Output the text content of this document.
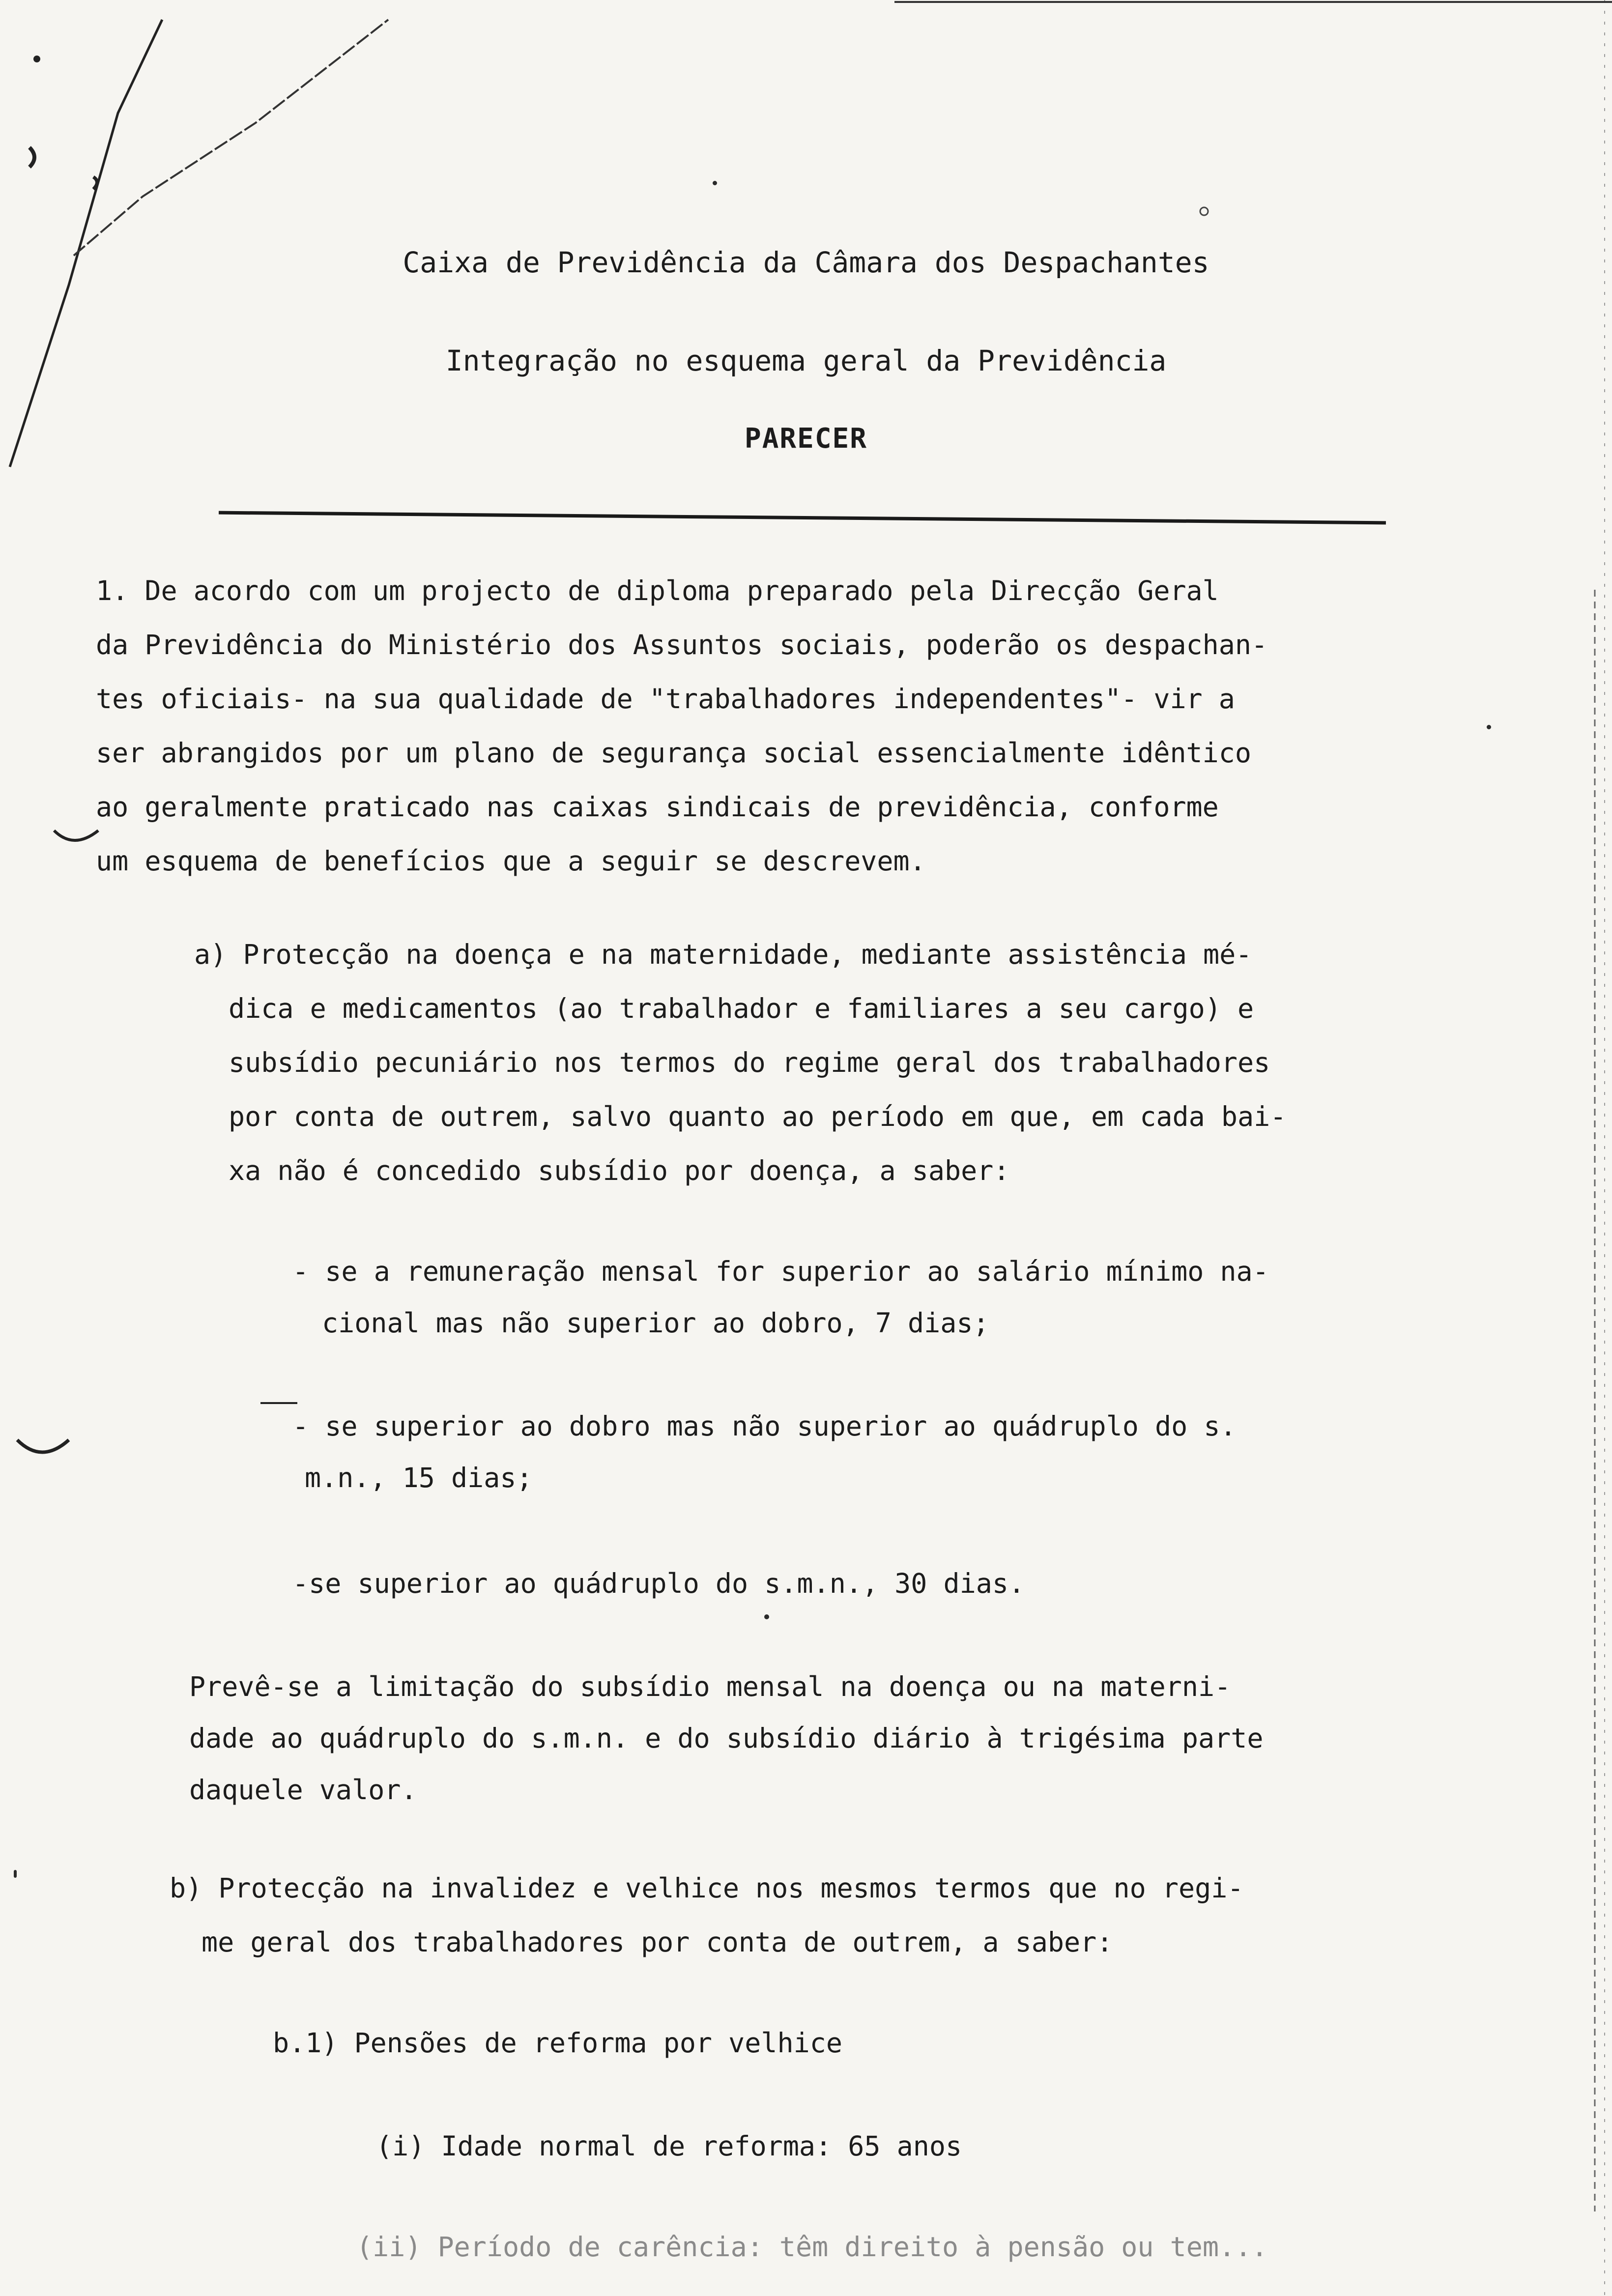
Caixa de Previdência da Câmara dos Despachantes
Integração no esquema geral da Previdência
PARECER
1. De acordo com um projecto de diploma preparado pela Direcção Geral
da Previdência do Ministério dos Assuntos sociais, poderão os despachan-
tes oficiais- na sua qualidade de "trabalhadores independentes"- vir a
ser abrangidos por um plano de segurança social essencialmente idêntico
ao geralmente praticado nas caixas sindicais de previdência, conforme
um esquema de benefícios que a seguir se descrevem.
a) Protecção na doença e na maternidade, mediante assistência mé-
dica e medicamentos (ao trabalhador e familiares a seu cargo) e
subsídio pecuniário nos termos do regime geral dos trabalhadores
por conta de outrem, salvo quanto ao período em que, em cada bai-
xa não é concedido subsídio por doença, a saber:
- se a remuneração mensal for superior ao salário mínimo na-
cional mas não superior ao dobro, 7 dias;
- se superior ao dobro mas não superior ao quádruplo do s.
m.n., 15 dias;
-se superior ao quádruplo do s.m.n., 30 dias.
Prevê-se a limitação do subsídio mensal na doença ou na materni-
dade ao quádruplo do s.m.n. e do subsídio diário à trigésima parte
daquele valor.
b) Protecção na invalidez e velhice nos mesmos termos que no regi-
me geral dos trabalhadores por conta de outrem, a saber:
b.1) Pensões de reforma por velhice
(i) Idade normal de reforma: 65 anos
(ii) Período de carência: têm direito à pensão ou tem...
